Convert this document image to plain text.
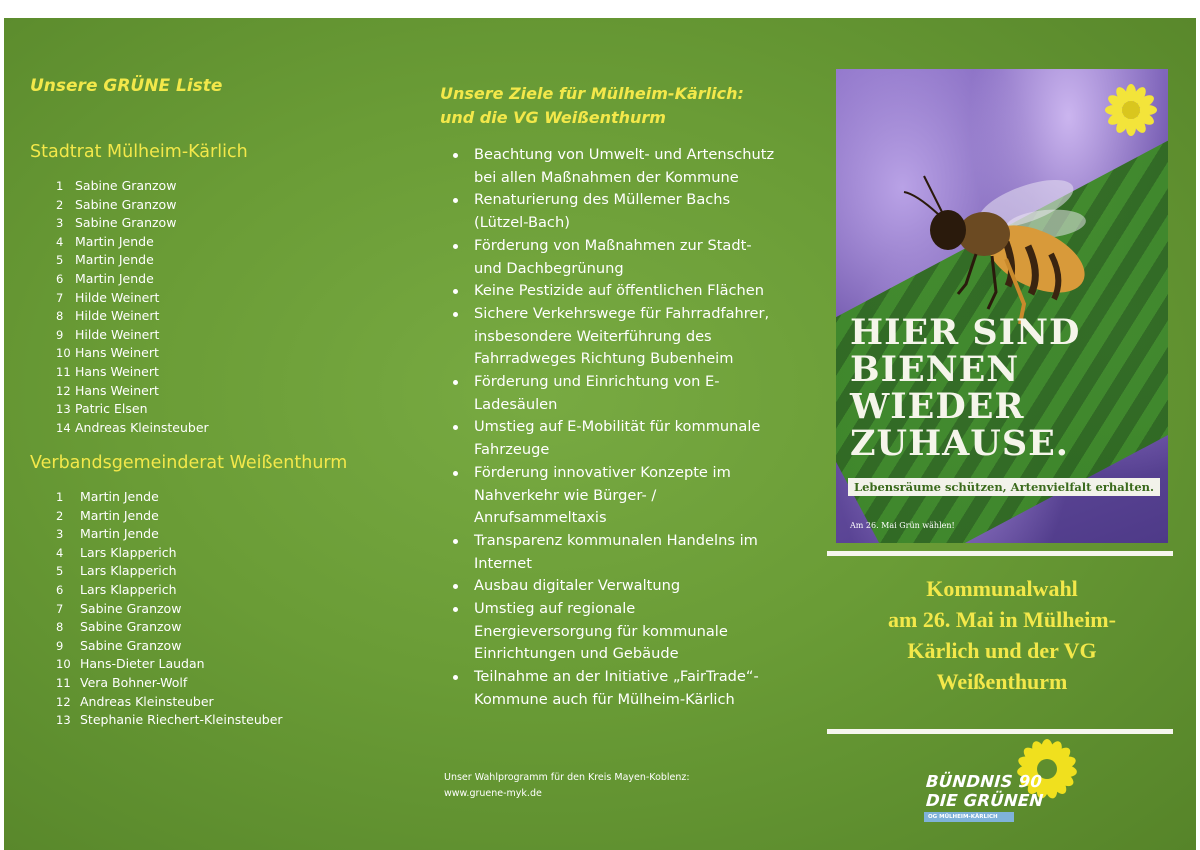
Unsere GRÜNE Liste
Stadtrat Mülheim-Kärlich
1 Sabine Granzow
2 Sabine Granzow
3 Sabine Granzow
4 Martin Jende
5 Martin Jende
6 Martin Jende
7 Hilde Weinert
8 Hilde Weinert
9 Hilde Weinert
10 Hans Weinert
11 Hans Weinert
12 Hans Weinert
13 Patric Elsen
14 Andreas Kleinsteuber
Verbandsgemeinderat Weißenthurm
1 Martin Jende
2 Martin Jende
3 Martin Jende
4 Lars Klapperich
5 Lars Klapperich
6 Lars Klapperich
7 Sabine Granzow
8 Sabine Granzow
9 Sabine Granzow
10 Hans-Dieter Laudan
11 Vera Bohner-Wolf
12 Andreas Kleinsteuber
13 Stephanie Riechert-Kleinsteuber
Unsere Ziele für Mülheim-Kärlich: und die VG Weißenthurm
Beachtung von Umwelt- und Artenschutz bei allen Maßnahmen der Kommune
Renaturierung des Müllemer Bachs (Lützel-Bach)
Förderung von Maßnahmen zur Stadt- und Dachbegrünung
Keine Pestizide auf öffentlichen Flächen
Sichere Verkehrswege für Fahrradfahrer, insbesondere Weiterführung des Fahrradweges Richtung Bubenheim
Förderung und Einrichtung von E-Ladesäulen
Umstieg auf E-Mobilität für kommunale Fahrzeuge
Förderung innovativer Konzepte im Nahverkehr wie Bürger- / Anrufsammeltaxis
Transparenz kommunalen Handelns im Internet
Ausbau digitaler Verwaltung
Umstieg auf regionale Energieversorgung für kommunale Einrichtungen und Gebäude
Teilnahme an der Initiative „FairTrade“-Kommune auch für Mülheim-Kärlich
Unser Wahlprogramm für den Kreis Mayen-Koblenz:
www.gruene-myk.de
HIER SIND
BIENEN
WIEDER
ZUHAUSE.
Lebensräume schützen, Artenvielfalt erhalten.
Am 26. Mai Grün wählen!
Kommunalwahl
am 26. Mai in Mülheim-
Kärlich und der VG
Weißenthurm
BÜNDNIS 90
DIE GRÜNEN
OG MÜLHEIM-KÄRLICH
